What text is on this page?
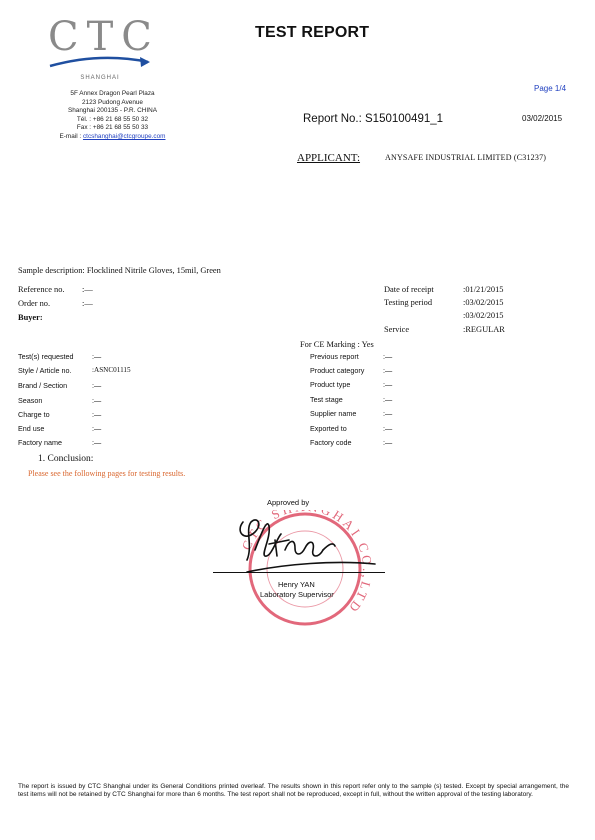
CTC
SHANGHAI
5F Annex Dragon Pearl Plaza
2123 Pudong Avenue
Shanghai 200135 - P.R. CHINA
Tél. : +86 21 68 55 50 32
Fax : +86 21 68 55 50 33
E-mail : ctcshanghai@ctcgroupe.com
TEST REPORT
Page 1/4
Report No.: S150100491_1	03/02/2015
APPLICANT:	ANYSAFE INDUSTRIAL LIMITED (C31237)
Sample description: Flocklined Nitrile Gloves, 15mil, Green
Reference no. :—
Order no.	:—
Buyer:
Date of receipt	:01/21/2015
Testing period	:03/02/2015
:03/02/2015
Service	:REGULAR
For CE Marking : Yes
Test(s) requested	:—
Style / Article no.	:ASNC01115
Brand / Section	:—
Season	:—
Charge to	:—
End use	:—
Factory name	:—
Previous report	:—
Product category	:—
Product type	:—
Test stage	:—
Supplier name	:—
Exported to	:—
Factory code	:—
1. Conclusion:
Please see the following pages for testing results.
Approved by
CTC S GHAI CO ,LTD
Henry YAN
Laboratory Supervisor
The report is issued by CTC Shanghai under its General Conditions printed overleaf. The results shown in this report refer only to the sample (s) tested. Except by special arrangement, the test items will not be retained by CTC Shanghai for more than 6 months. The test report shall not be reproduced, except in full, without the written approval of the testing laboratory.
